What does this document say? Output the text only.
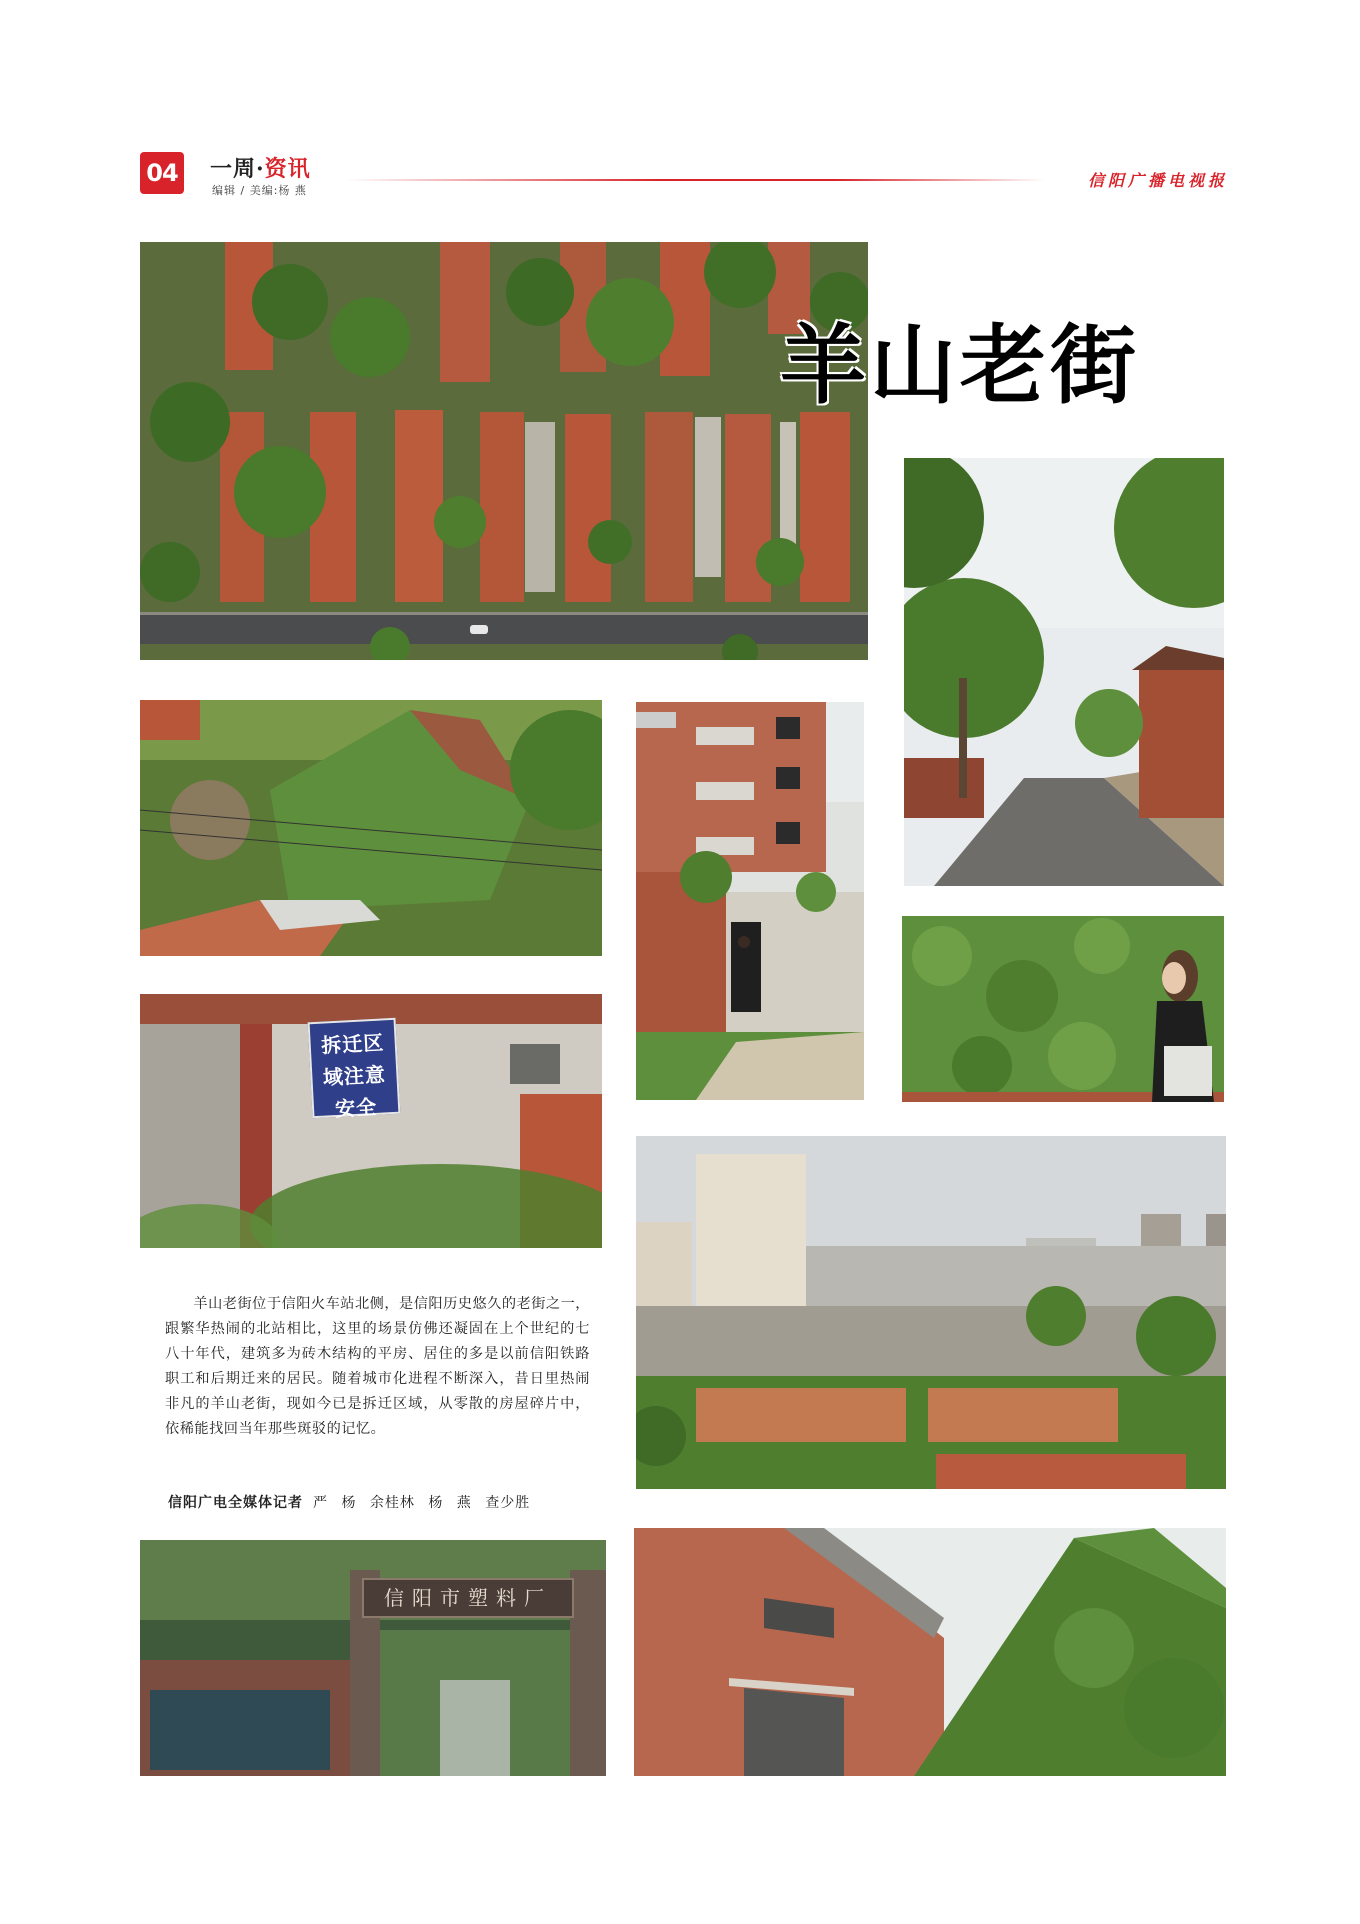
04 一周·资讯
编辑 / 美编:杨 燕
信阳广播电视报
羊山老街
拆迁区域注意安全

羊山老街位于信阳火车站北侧，是信阳历史悠久的老街之一，跟繁华热闹的北站相比，这里的场景仿佛还凝固在上个世纪的七八十年代，建筑多为砖木结构的平房、居住的多是以前信阳铁路职工和后期迁来的居民。随着城市化进程不断深入，昔日里热闹非凡的羊山老街，现如今已是拆迁区域，从零散的房屋碎片中，依稀能找回当年那些斑驳的记忆。

信阳广电全媒体记者 严 杨 余桂林 杨 燕 查少胜
信阳市塑料厂
